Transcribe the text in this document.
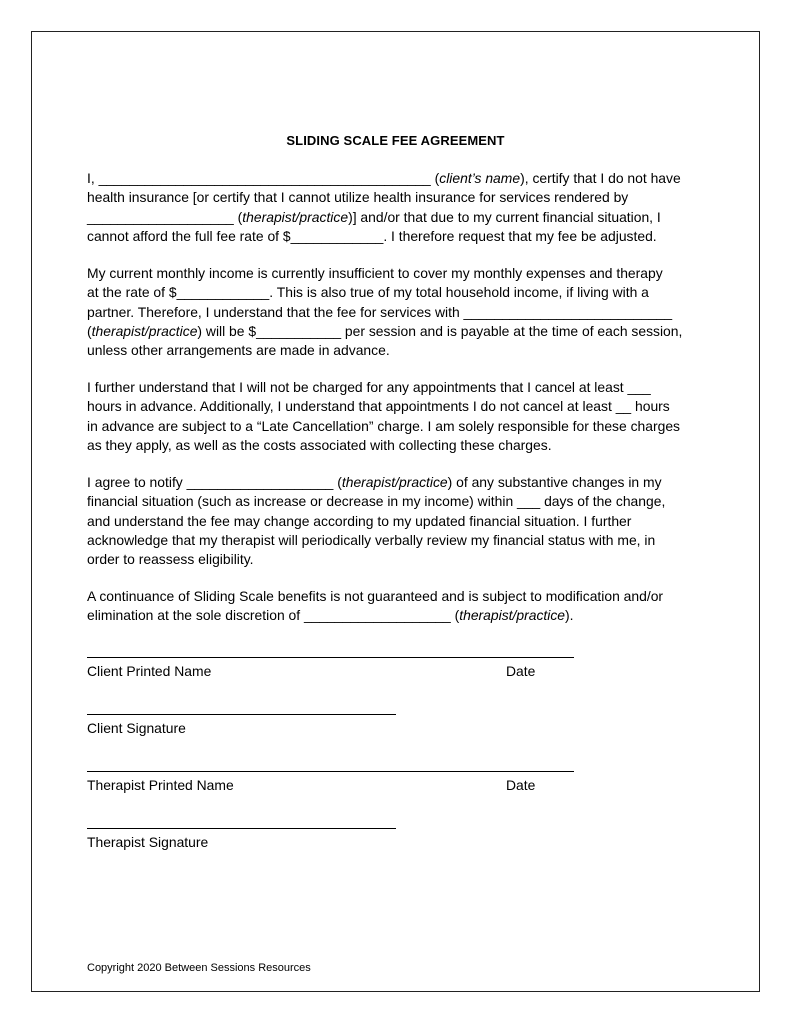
SLIDING SCALE FEE AGREEMENT
I, ___________________________________________ (client’s name), certify that I do not have
health insurance [or certify that I cannot utilize health insurance for services rendered by
___________________ (therapist/practice)] and/or that due to my current financial situation, I
cannot afford the full fee rate of $____________. I therefore request that my fee be adjusted.
My current monthly income is currently insufficient to cover my monthly expenses and therapy
at the rate of $____________. This is also true of my total household income, if living with a
partner. Therefore, I understand that the fee for services with ___________________________
(therapist/practice) will be $___________ per session and is payable at the time of each session,
unless other arrangements are made in advance.
I further understand that I will not be charged for any appointments that I cancel at least ___
hours in advance. Additionally, I understand that appointments I do not cancel at least __ hours
in advance are subject to a “Late Cancellation” charge. I am solely responsible for these charges
as they apply, as well as the costs associated with collecting these charges.
I agree to notify ___________________ (therapist/practice) of any substantive changes in my
financial situation (such as increase or decrease in my income) within ___ days of the change,
and understand the fee may change according to my updated financial situation. I further
acknowledge that my therapist will periodically verbally review my financial status with me, in
order to reassess eligibility.
A continuance of Sliding Scale benefits is not guaranteed and is subject to modification and/or
elimination at the sole discretion of ___________________ (therapist/practice).
Client Printed Name	Date
Client Signature
Therapist Printed Name	Date
Therapist Signature
Copyright 2020 Between Sessions Resources
